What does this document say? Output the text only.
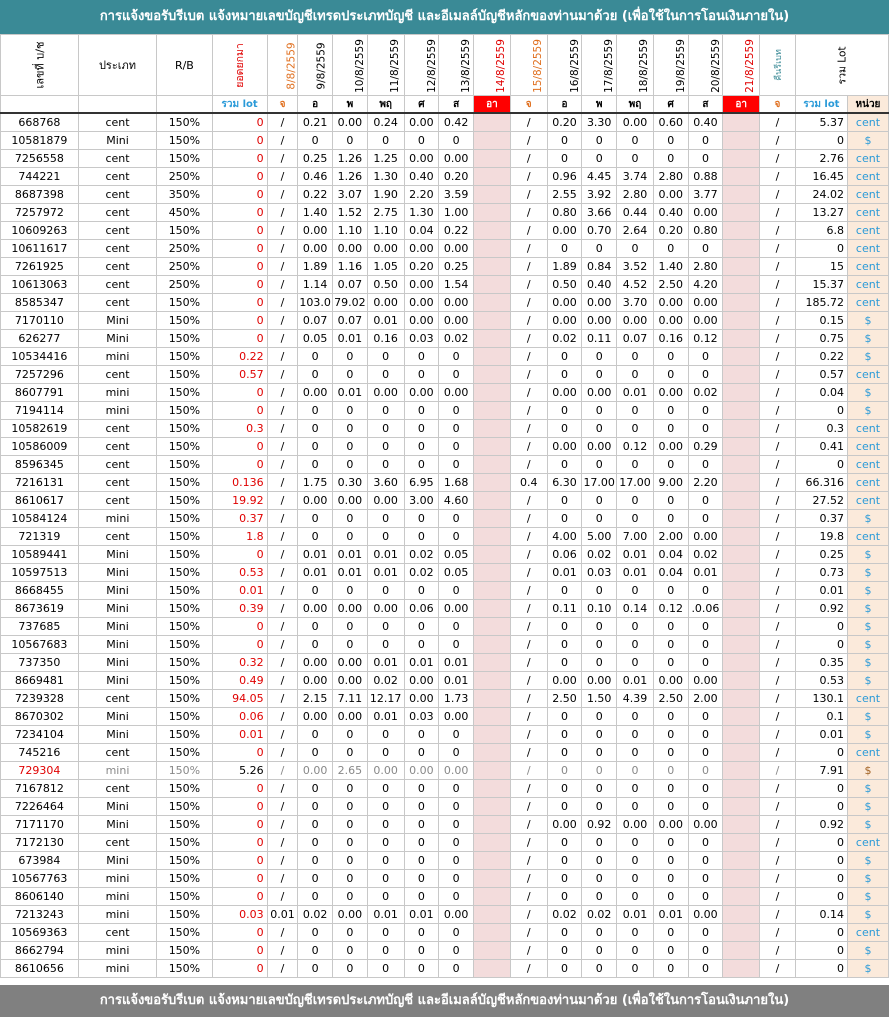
การแจ้งขอรับรีเบต แจ้งหมายเลขบัญชีเทรดประเภทบัญชี และอีเมลล์บัญชีหลักของท่านมาด้วย (เพื่อใช้ในการโอนเงินภายใน)
เลขที่ บ/ช	ประเภท	R/B	ยอดยกมา	8/8/2559	9/8/2559	10/8/2559	11/8/2559	12/8/2559	13/8/2559	14/8/2559	15/8/2559	16/8/2559	17/8/2559	18/8/2559	19/8/2559	20/8/2559	21/8/2559	คืนรีเบท	รวม Lot	
			รวม lot	จ	อ	พ	พฤ	ศ	ส	อา	จ	อ	พ	พฤ	ศ	ส	อา	จ	รวม lot	หน่วย
668768	cent	150%	0	/	0.21	0.00	0.24	0.00	0.42		/	0.20	3.30	0.00	0.60	0.40		/	5.37	cent
10581879	Mini	150%	0	/	0	0	0	0	0		/	0	0	0	0	0		/	0	$
7256558	cent	150%	0	/	0.25	1.26	1.25	0.00	0.00		/	0	0	0	0	0		/	2.76	cent
744221	cent	250%	0	/	0.46	1.26	1.30	0.40	0.20		/	0.96	4.45	3.74	2.80	0.88		/	16.45	cent
8687398	cent	350%	0	/	0.22	3.07	1.90	2.20	3.59		/	2.55	3.92	2.80	0.00	3.77		/	24.02	cent
7257972	cent	450%	0	/	1.40	1.52	2.75	1.30	1.00		/	0.80	3.66	0.44	0.40	0.00		/	13.27	cent
10609263	cent	150%	0	/	0.00	1.10	1.10	0.04	0.22		/	0.00	0.70	2.64	0.20	0.80		/	6.8	cent
10611617	cent	250%	0	/	0.00	0.00	0.00	0.00	0.00		/	0	0	0	0	0		/	0	cent
7261925	cent	250%	0	/	1.89	1.16	1.05	0.20	0.25		/	1.89	0.84	3.52	1.40	2.80		/	15	cent
10613063	cent	250%	0	/	1.14	0.07	0.50	0.00	1.54		/	0.50	0.40	4.52	2.50	4.20		/	15.37	cent
8585347	cent	150%	0	/	103.0	79.02	0.00	0.00	0.00		/	0.00	0.00	3.70	0.00	0.00		/	185.72	cent
7170110	Mini	150%	0	/	0.07	0.07	0.01	0.00	0.00		/	0.00	0.00	0.00	0.00	0.00		/	0.15	$
626277	Mini	150%	0	/	0.05	0.01	0.16	0.03	0.02		/	0.02	0.11	0.07	0.16	0.12		/	0.75	$
10534416	mini	150%	0.22	/	0	0	0	0	0		/	0	0	0	0	0		/	0.22	$
7257296	cent	150%	0.57	/	0	0	0	0	0		/	0	0	0	0	0		/	0.57	cent
8607791	mini	150%	0	/	0.00	0.01	0.00	0.00	0.00		/	0.00	0.00	0.01	0.00	0.02		/	0.04	$
7194114	mini	150%	0	/	0	0	0	0	0		/	0	0	0	0	0		/	0	$
10582619	cent	150%	0.3	/	0	0	0	0	0		/	0	0	0	0	0		/	0.3	cent
10586009	cent	150%	0	/	0	0	0	0	0		/	0.00	0.00	0.12	0.00	0.29		/	0.41	cent
8596345	cent	150%	0	/	0	0	0	0	0		/	0	0	0	0	0		/	0	cent
7216131	cent	150%	0.136	/	1.75	0.30	3.60	6.95	1.68		0.4	6.30	17.00	17.00	9.00	2.20		/	66.316	cent
8610617	cent	150%	19.92	/	0.00	0.00	0.00	3.00	4.60		/	0	0	0	0	0		/	27.52	cent
10584124	mini	150%	0.37	/	0	0	0	0	0		/	0	0	0	0	0		/	0.37	$
721319	cent	150%	1.8	/	0	0	0	0	0		/	4.00	5.00	7.00	2.00	0.00		/	19.8	cent
10589441	Mini	150%	0	/	0.01	0.01	0.01	0.02	0.05		/	0.06	0.02	0.01	0.04	0.02		/	0.25	$
10597513	Mini	150%	0.53	/	0.01	0.01	0.01	0.02	0.05		/	0.01	0.03	0.01	0.04	0.01		/	0.73	$
8668455	Mini	150%	0.01	/	0	0	0	0	0		/	0	0	0	0	0		/	0.01	$
8673619	Mini	150%	0.39	/	0.00	0.00	0.00	0.06	0.00		/	0.11	0.10	0.14	0.12	.0.06		/	0.92	$
737685	Mini	150%	0	/	0	0	0	0	0		/	0	0	0	0	0		/	0	$
10567683	Mini	150%	0	/	0	0	0	0	0		/	0	0	0	0	0		/	0	$
737350	Mini	150%	0.32	/	0.00	0.00	0.01	0.01	0.01		/	0	0	0	0	0		/	0.35	$
8669481	Mini	150%	0.49	/	0.00	0.00	0.02	0.00	0.01		/	0.00	0.00	0.01	0.00	0.00		/	0.53	$
7239328	cent	150%	94.05	/	2.15	7.11	12.17	0.00	1.73		/	2.50	1.50	4.39	2.50	2.00		/	130.1	cent
8670302	Mini	150%	0.06	/	0.00	0.00	0.01	0.03	0.00		/	0	0	0	0	0		/	0.1	$
7234104	Mini	150%	0.01	/	0	0	0	0	0		/	0	0	0	0	0		/	0.01	$
745216	cent	150%	0	/	0	0	0	0	0		/	0	0	0	0	0		/	0	cent
729304	mini	150%	5.26	/	0.00	2.65	0.00	0.00	0.00		/	0	0	0	0	0		/	7.91	$
7167812	cent	150%	0	/	0	0	0	0	0		/	0	0	0	0	0		/	0	$
7226464	Mini	150%	0	/	0	0	0	0	0		/	0	0	0	0	0		/	0	$
7171170	Mini	150%	0	/	0	0	0	0	0		/	0.00	0.92	0.00	0.00	0.00		/	0.92	$
7172130	cent	150%	0	/	0	0	0	0	0		/	0	0	0	0	0		/	0	cent
673984	Mini	150%	0	/	0	0	0	0	0		/	0	0	0	0	0		/	0	$
10567763	mini	150%	0	/	0	0	0	0	0		/	0	0	0	0	0		/	0	$
8606140	mini	150%	0	/	0	0	0	0	0		/	0	0	0	0	0		/	0	$
7213243	mini	150%	0.03	0.01	0.02	0.00	0.01	0.01	0.00		/	0.02	0.02	0.01	0.01	0.00		/	0.14	$
10569363	cent	150%	0	/	0	0	0	0	0		/	0	0	0	0	0		/	0	cent
8662794	mini	150%	0	/	0	0	0	0	0		/	0	0	0	0	0		/	0	$
8610656	mini	150%	0	/	0	0	0	0	0		/	0	0	0	0	0		/	0	$
การแจ้งขอรับรีเบต แจ้งหมายเลขบัญชีเทรดประเภทบัญชี และอีเมลล์บัญชีหลักของท่านมาด้วย (เพื่อใช้ในการโอนเงินภายใน)
